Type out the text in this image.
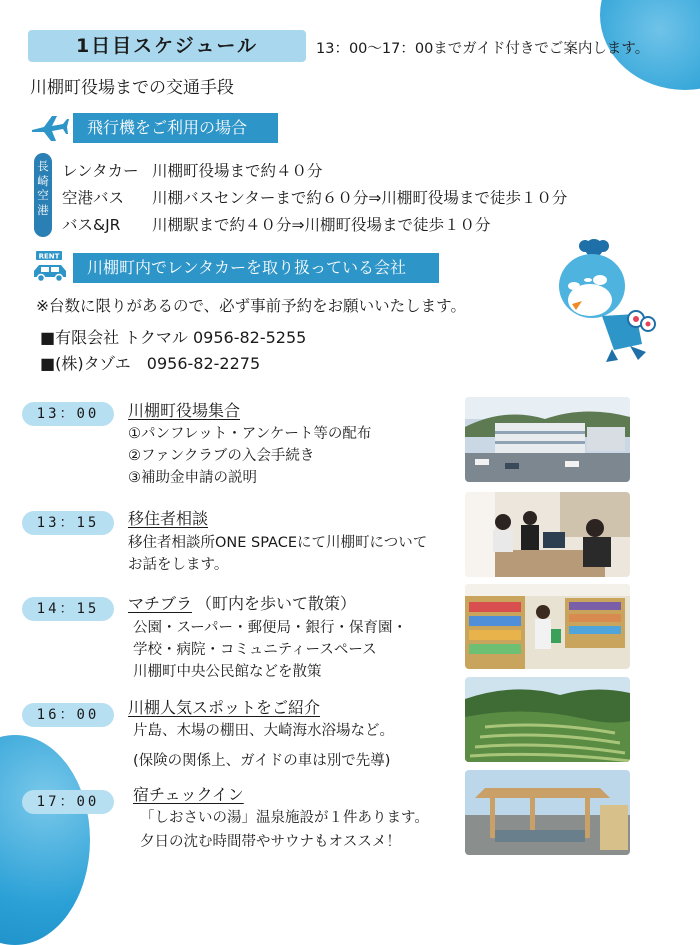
1日目スケジュール	13：00〜17：00までガイド付きでご案内します。
川棚町役場までの交通手段
飛行機をご利用の場合
長崎空港
レンタカー 川棚町役場まで約４０分
空港バス 川棚バスセンターまで約６０分⇒川棚町役場まで徒歩１０分
バス&JR 川棚駅まで約４０分⇒川棚町役場まで徒歩１０分
RENT
川棚町内でレンタカーを取り扱っている会社
※台数に限りがあるので、必ず事前予約をお願いいたします。
■有限会社 トクマル 0956-82-5255
■(株)タゾエ　0956-82-2275
13：00	川棚町役場集合
①パンフレット・アンケート等の配布
②ファンクラブの入会手続き
③補助金申請の説明
13：15	移住者相談
移住者相談所ONE SPACEにて川棚町について
お話をします。
14：15	マチブラ （町内を歩いて散策）
公園・スーパー・郵便局・銀行・保育園・
学校・病院・コミュニティースペース
川棚町中央公民館などを散策
16：00	川棚人気スポットをご紹介
片島、木場の棚田、大崎海水浴場など。
(保険の関係上、ガイドの車は別で先導)
17：00	宿チェックイン
「しおさいの湯」温泉施設が１件あります。
夕日の沈む時間帯やサウナもオススメ！
